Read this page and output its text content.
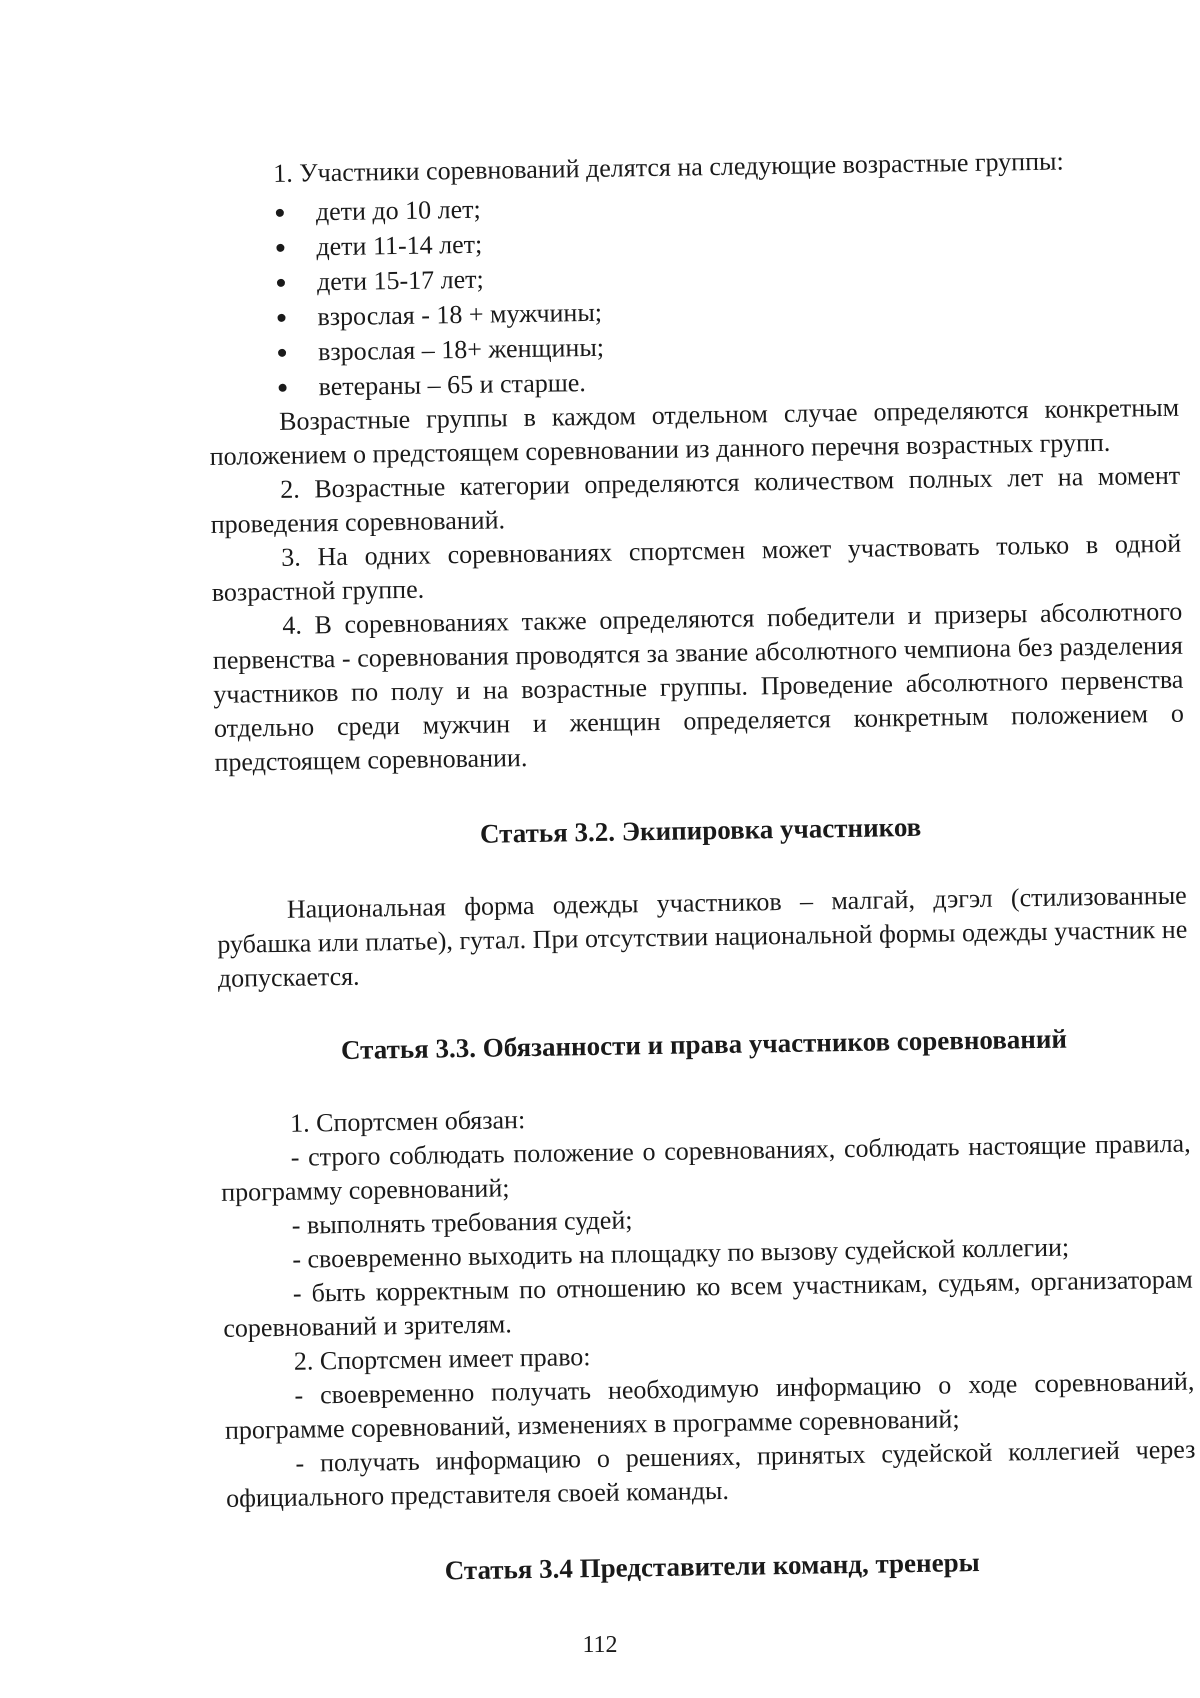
1. Участники соревнований делятся на следующие возрастные группы:

дети до 10 лет;
дети 11-14 лет;
дети 15-17 лет;
взрослая - 18 + мужчины;
взрослая – 18+ женщины;
ветераны – 65 и старше.

Возрастные группы в каждом отдельном случае определяются конкретным положением о предстоящем соревновании из данного перечня возрастных групп.

2. Возрастные категории определяются количеством полных лет на момент проведения соревнований.

3. На одних соревнованиях спортсмен может участвовать только в одной возрастной группе.

4. В соревнованиях также определяются победители и призеры абсолютного первенства - соревнования проводятся за звание абсолютного чемпиона без разделения участников по полу и на возрастные группы. Проведение абсолютного первенства отдельно среди мужчин и женщин определяется конкретным положением о предстоящем соревновании.

Статья 3.2. Экипировка участников

Национальная форма одежды участников – малгай, дэгэл (стилизованные рубашка или платье), гутал. При отсутствии национальной формы одежды участник не допускается.

Статья 3.3. Обязанности и права участников соревнований

1. Спортсмен обязан:

- строго соблюдать положение о соревнованиях, соблюдать настоящие правила, программу соревнований;

- выполнять требования судей;

- своевременно выходить на площадку по вызову судейской коллегии;

- быть корректным по отношению ко всем участникам, судьям, организаторам соревнований и зрителям.

2. Спортсмен имеет право:

- своевременно получать необходимую информацию о ходе соревнований, программе соревнований, изменениях в программе соревнований;

- получать информацию о решениях, принятых судейской коллегией через официального представителя своей команды.

Статья 3.4 Представители команд, тренеры
112
